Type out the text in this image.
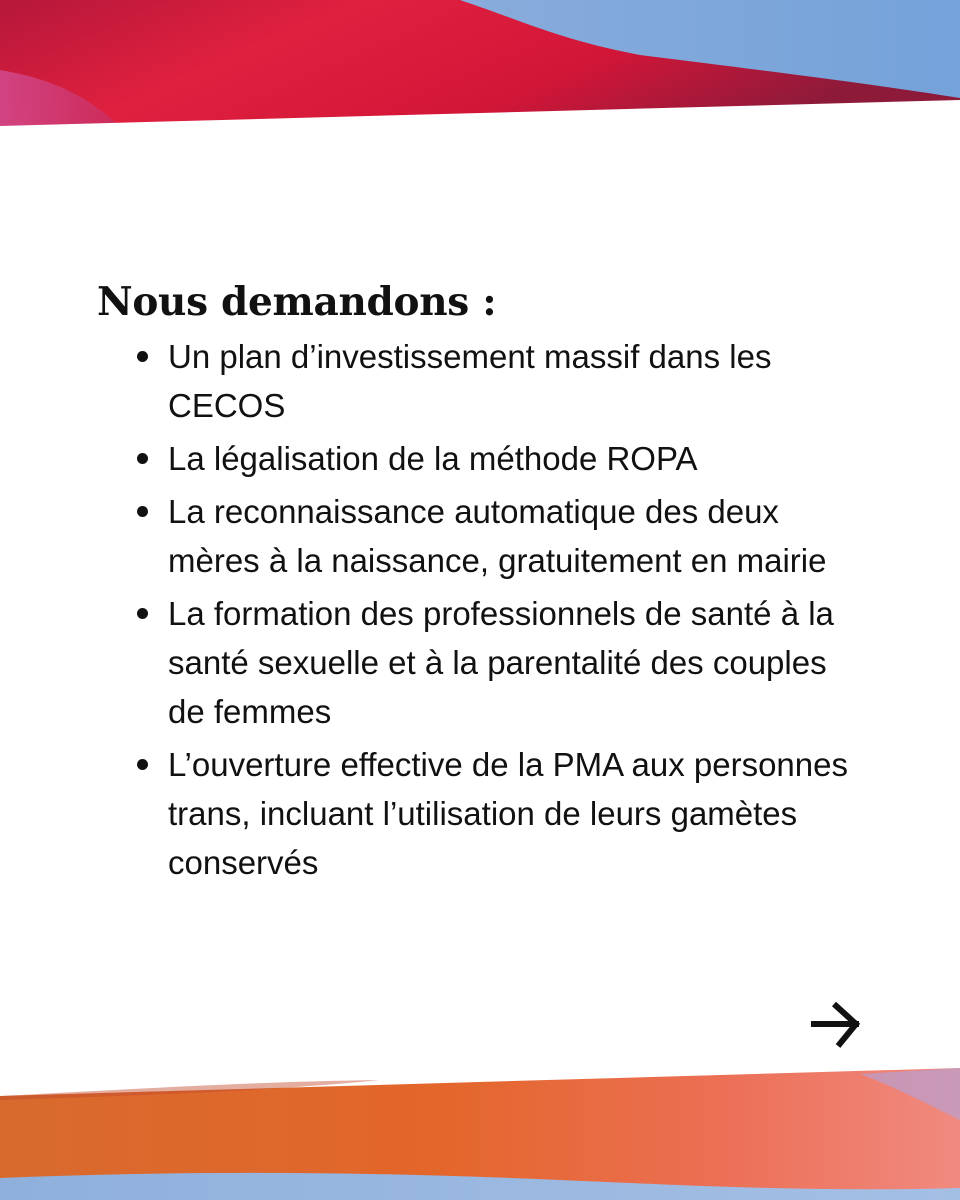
Nous demandons :
Un plan d’investissement massif dans les CECOS
La légalisation de la méthode ROPA
La reconnaissance automatique des deux mères à la naissance, gratuitement en mairie
La formation des professionnels de santé à la santé sexuelle et à la parentalité des couples de femmes
L’ouverture effective de la PMA aux personnes trans, incluant l’utilisation de leurs gamètes conservés
